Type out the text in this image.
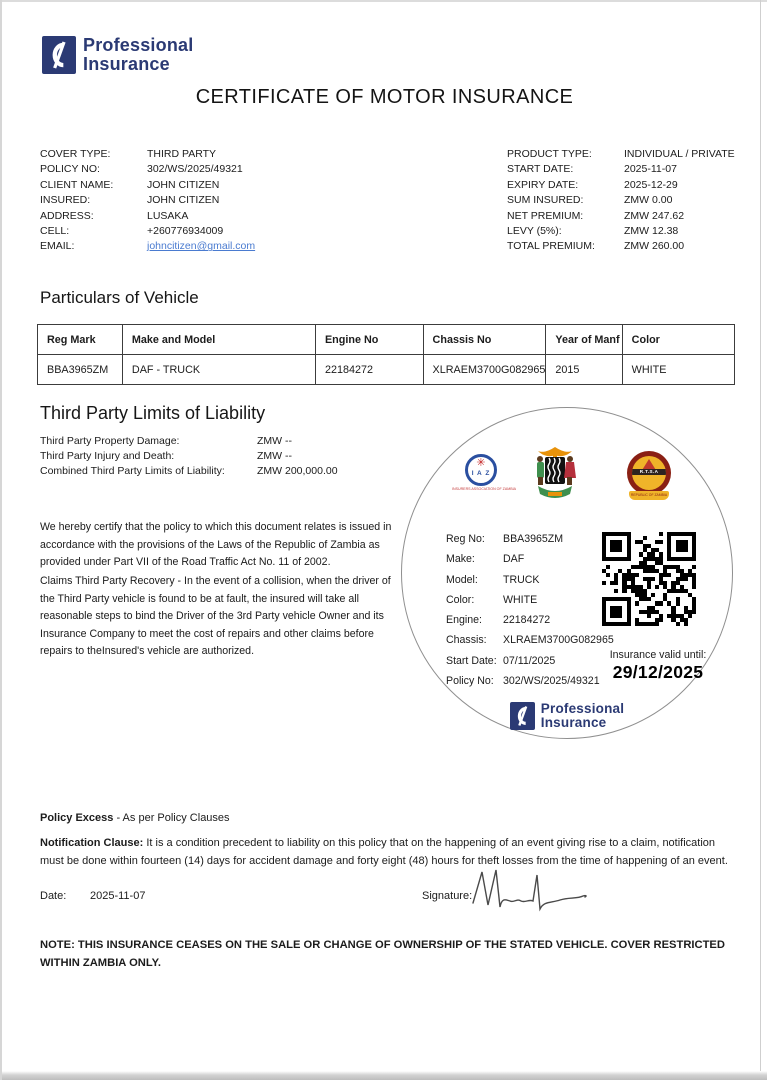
Professional
Insurance
CERTIFICATE OF MOTOR INSURANCE
COVER TYPE:	THIRD PARTY
POLICY NO:	302/WS/2025/49321
CLIENT NAME:	JOHN CITIZEN
INSURED:	JOHN CITIZEN
ADDRESS:	LUSAKA
CELL:	+260776934009
EMAIL:	johncitizen@gmail.com
PRODUCT TYPE:	INDIVIDUAL / PRIVATE
START DATE:	2025-11-07
EXPIRY DATE:	2025-12-29
SUM INSURED:	ZMW 0.00
NET PREMIUM:	ZMW 247.62
LEVY (5%):	ZMW 12.38
TOTAL PREMIUM:	ZMW 260.00
Particulars of Vehicle
Reg Mark	Make and Model	Engine No	Chassis No	Year of Manf	Color
BBA3965ZM	DAF - TRUCK	22184272	XLRAEM3700G082965	2015	WHITE
Third Party Limits of Liability
Third Party Property Damage:	ZMW --
Third Party Injury and Death:	ZMW --
Combined Third Party Limits of Liability:	ZMW 200,000.00
We hereby certify that the policy to which this document relates is issued in accordance with the provisions of the Laws of the Republic of Zambia as provided under Part VII of the Road Traffic Act No. 11 of 2002.
Claims Third Party Recovery - In the event of a collision, when the driver of the Third Party vehicle is found to be at fault, the insured will take all reasonable steps to bind the Driver of the 3rd Party vehicle Owner and its Insurance Company to meet the cost of repairs and other claims before repairs to theInsured's vehicle are authorized.
✳
I A Z
INSURERS ASSOCIATION OF ZAMBIA
R.T.S.A
REPUBLIC OF ZAMBIA
Reg No: BBA3965ZM
Make:	DAF
Model: TRUCK
Color:	WHITE
Engine: 22184272
Chassis: XLRAEM3700G082965
Start Date: 07/11/2025
Policy No: 302/WS/2025/49321
Insurance valid until:
29/12/2025
Professional
Insurance
Policy Excess - As per Policy Clauses
Notification Clause: It is a condition precedent to liability on this policy that on the happening of an event giving rise to a claim, notification must be done within fourteen (14) days for accident damage and forty eight (48) hours for theft losses from the time of happening of an event.
Date: 2025-11-07	Signature:
NOTE: THIS INSURANCE CEASES ON THE SALE OR CHANGE OF OWNERSHIP OF THE STATED VEHICLE. COVER RESTRICTED WITHIN ZAMBIA ONLY.
